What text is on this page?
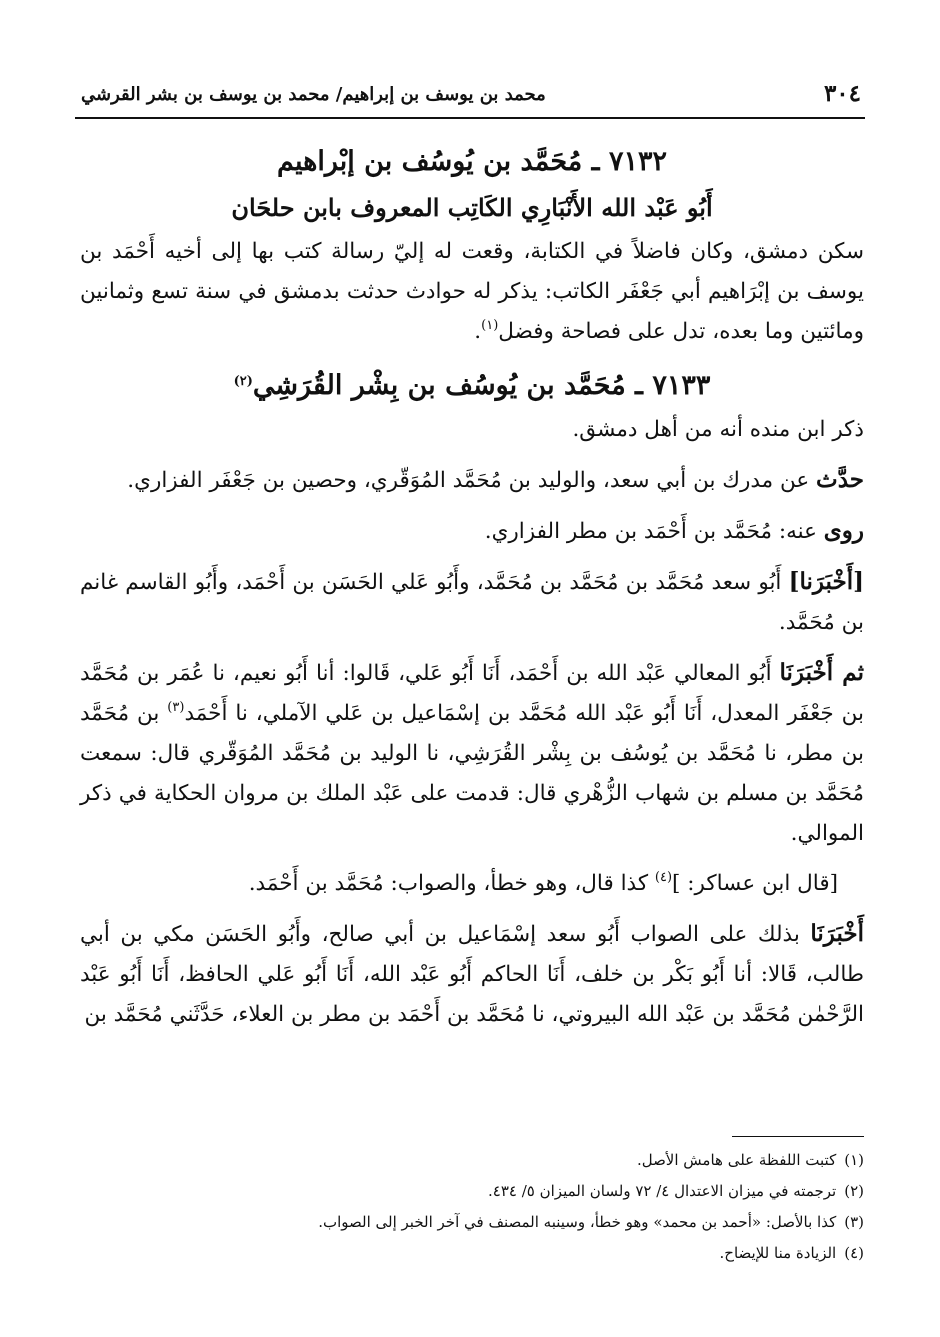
٣٠٤
محمد بن يوسف بن إبراهيم/ محمد بن يوسف بن بشر القرشي
٧١٣٢ ـ مُحَمَّد بن يُوسُف بن إبْراهيم
أَبُو عَبْد الله الأَنْبَارِي الكَاتِب المعروف بابن حلحَان

سكن دمشق، وكان فاضلاً في الكتابة، وقعت له إليّ رسالة كتب بها إلى أخيه أَحْمَد بن يوسف بن إبْرَاهيم أبي جَعْفَر الكاتب: يذكر له حوادث حدثت بدمشق في سنة تسع وثمانين ومائتين وما بعده، تدل على فصاحة وفضل$^{(١)}$.

٧١٣٣ ـ مُحَمَّد بن يُوسُف بن بِشْر القُرَشِي$^{(٢)}$

ذكر ابن منده أنه من أهل دمشق.

حدَّث عن مدرك بن أبي سعد، والوليد بن مُحَمَّد المُوَقّري، وحصين بن جَعْفَر الفزاري.

روى عنه: مُحَمَّد بن أَحْمَد بن مطر الفزاري.

[أَخْبَرَنا] أَبُو سعد مُحَمَّد بن مُحَمَّد بن مُحَمَّد، وأَبُو عَلي الحَسَن بن أَحْمَد، وأَبُو القاسم غانم بن مُحَمَّد.

ثم أَخْبَرَنَا أَبُو المعالي عَبْد الله بن أَحْمَد، أَنَا أَبُو عَلي، قَالوا: أنا أَبُو نعيم، نا عُمَر بن مُحَمَّد بن جَعْفَر المعدل، أَنَا أَبُو عَبْد الله مُحَمَّد بن إسْمَاعيل بن عَلي الآملي، نا أَحْمَد$^{(٣)}$ بن مُحَمَّد بن مطر، نا مُحَمَّد بن يُوسُف بن بِشْر القُرَشِي، نا الوليد بن مُحَمَّد المُوَقّري قال: سمعت مُحَمَّد بن مسلم بن شهاب الزُّهْري قال: قدمت على عَبْد الملك بن مروان الحكاية في ذكر الموالي.

[قال ابن عساكر: ]$^{(٤)}$ كذا قال، وهو خطأ، والصواب: مُحَمَّد بن أَحْمَد.

أَخْبَرَنَا بذلك على الصواب أَبُو سعد إسْمَاعيل بن أبي صالح، وأَبُو الحَسَن مكي بن أبي طالب، قَالا: أنا أَبُو بَكْر بن خلف، أَنَا الحاكم أَبُو عَبْد الله، أَنَا أَبُو عَلي الحافظ، أَنَا أَبُو عَبْد الرَّحْمٰن مُحَمَّد بن عَبْد الله البيروتي، نا مُحَمَّد بن أَحْمَد بن مطر بن العلاء، حَدَّثَني مُحَمَّد بن

(١)كتبت اللفظة على هامش الأصل.
(٢)ترجمته في ميزان الاعتدال ٤/ ٧٢ ولسان الميزان ٥/ ٤٣٤.
(٣)كذا بالأصل: «أحمد بن محمد» وهو خطأ، وسينبه المصنف في آخر الخبر إلى الصواب.
(٤)الزيادة منا للإيضاح.
